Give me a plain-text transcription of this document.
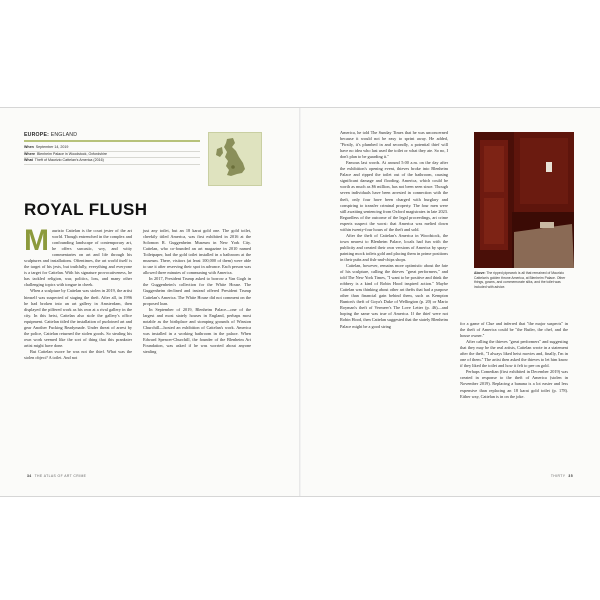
EUROPE: ENGLAND
When September 14, 2019
Where Blenheim Palace in Woodstock, Oxfordshire
What Theft of Maurizio Cattelan's America (2016)
ROYAL FLUSH
M aurizio Cattelan is the court jester of the art world. Though entrenched in the complex and confounding landscape of contemporary art, he offers sarcastic, wry, and witty commentaries on art and life through his sculptures and installations. Oftentimes, the art world itself is the target of his jests, but truthfully, everything and everyone is a target for Cattelan. With his signature provocativeness, he has tackled religion, war, politics, loss, and many other challenging topics with tongue in cheek.

When a sculpture by Cattelan was stolen in 2019, the artist himself was suspected of staging the theft. After all, in 1996 he had broken into an art gallery in Amsterdam, then displayed the pilfered work as his own at a rival gallery in the city. In this heist, Cattelan also stole the gallery's office equipment. Cattelan titled the installation of purloined art and gear Another Fucking Readymade. Under threat of arrest by the police, Cattelan returned the stolen goods. So stealing his own work seemed like the sort of thing that this prankster artist might have done.

But Cattelan swore he was not the thief. What was the stolen object? A toilet. And not

just any toilet, but an 18 karat gold one. The gold toilet, cheekily titled America, was first exhibited in 2016 at the Solomon R. Guggenheim Museum in New York City. Cattelan, who co-founded an art magazine in 2010 named Toiletpaper, had the gold toilet installed in a bathroom at the museum. There, visitors (at least 100,000 of them) were able to use it after reserving their spot in advance. Each person was allowed three minutes of communing with America.

In 2017, President Trump asked to borrow a Van Gogh in the Guggenheim's collection for the White House. The Guggenheim declined and instead offered President Trump Cattelan's America. The White House did not comment on the proposed loan.

In September of 2019, Blenheim Palace—one of the largest and most stately houses in England, perhaps most notable as the birthplace and stomping grounds of Winston Churchill—hosted an exhibition of Cattelan's work. America was installed in a working bathroom in the palace. When Edward Spencer-Churchill, the founder of the Blenheim Art Foundation, was asked if he was worried about anyone stealing

34 THE ATLAS OF ART CRIME

America, he told The Sunday Times that he was unconcerned because it would not be easy to sprint away. He added, "Firstly, it's plumbed in and secondly, a potential thief will have no idea who last used the toilet or what they ate. So no, I don't plan to be guarding it."

Famous last words. At around 5:00 a.m. on the day after the exhibition's opening event, thieves broke into Blenheim Palace and ripped the toilet out of the bathroom, causing significant damage and flooding. America, which could be worth as much as $6 million, has not been seen since. Though seven individuals have been arrested in connection with the theft, only four have been charged with burglary and conspiring to transfer criminal property. The four men were still awaiting sentencing from Oxford magistrates in late 2023. Regardless of the outcome of the legal proceedings, art crime experts suspect the worst: that America was melted down within twenty-four hours of the theft and sold.

After the theft of Cattelan's America in Woodstock, the town nearest to Blenheim Palace, locals had fun with the publicity and created their own versions of America by spray-painting mock toilets gold and placing them in prime positions in their pubs and fish-and-chips shops.

Cattelan, however, remains more optimistic about the fate of his sculpture, calling the thieves "great performers," and told The New York Times, "I want to be positive and think the robbery is a kind of Robin Hood inspired action." Maybe Cattelan was thinking about other art thefts that had a purpose other than financial gain behind them, such as Kempton Bunton's theft of Goya's Duke of Wellington (p. 20) or Mario Royman's theft of Vermeer's The Love Letter (p. 46)—and hoping the same was true of America. If the thief were not Robin Hood, then Cattelan suggested that the stately Blenheim Palace might be a good string

Above: The ripped pipework is all that remained of Maurizio Cattelan's golden throne America, at Blenheim Palace. Other things, gowns, and commemorate silks, and the toilet was included with advice.

for a game of Clue and inferred that "the major suspects" in the theft of America could be "the Butler, the chef, and the house owner."

After calling the thieves "great performers" and suggesting that they may be the real artists, Cattelan wrote in a statement after the theft, "I always liked heist movies and, finally, I'm in one of them." The artist then asked the thieves to let him know if they liked the toilet and how it felt to pee on gold.

Perhaps Comedian (first exhibited in December 2019) was created in response to the theft of America (stolen in November 2019). Replacing a banana is a lot easier and less expensive than replacing an 18 karat gold toilet (p. 178). Either way, Cattelan is in on the joke.

THIRTY 35
